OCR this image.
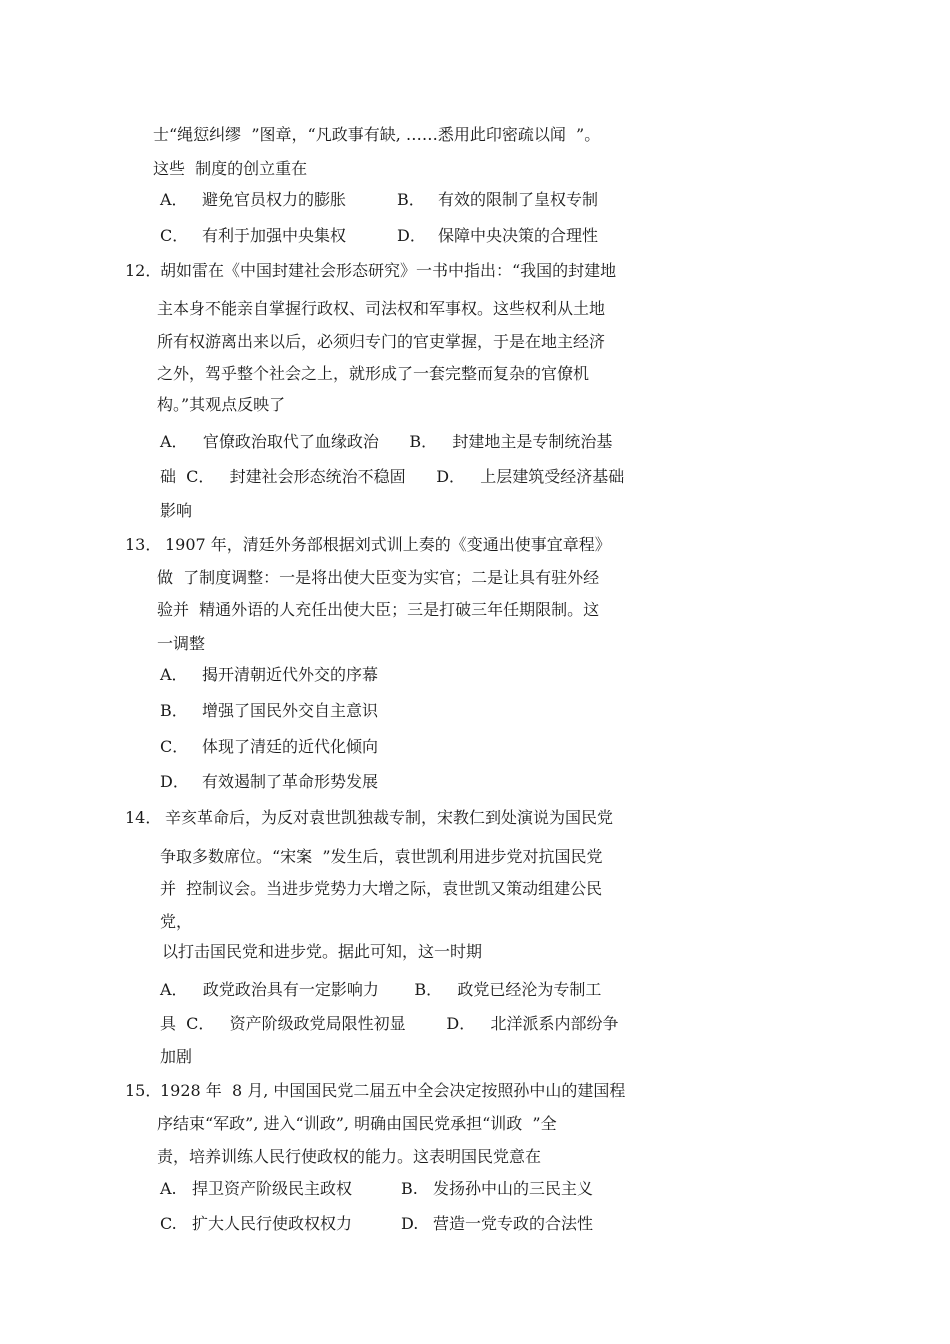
士“绳愆纠缪  ”图章，“凡政事有缺, ……悉用此印密疏以闻  ”。
这些  制度的创立重在
A． 避免官员权力的膨胀	B． 有效的限制了皇权专制
C． 有利于加强中央集权	D． 保障中央决策的合理性
12．
胡如雷在《中国封建社会形态研究》一书中指出：“我国的封建地
主本身不能亲自掌握行政权、司法权和军事权。这些权利从土地
所有权游离出来以后，必须归专门的官吏掌握，于是在地主经济
之外，驾乎整个社会之上，就形成了一套完整而复杂的官僚机
构。”其观点反映了
A．   官僚政治取代了血缘政治      B．   封建地主是专制统治基
础  C．   封建社会形态统治不稳固      D．   上层建筑受经济基础
影响
13． 1907 年，清廷外务部根据刘式训上奏的《变通出使事宜章程》
做  了制度调整：一是将出使大臣变为实官；二是让具有驻外经
验并  精通外语的人充任出使大臣；三是打破三年任期限制。这
一调整
A． 揭开清朝近代外交的序幕
B． 增强了国民外交自主意识
C． 体现了清廷的近代化倾向
D． 有效遏制了革命形势发展
14． 辛亥革命后，为反对袁世凯独裁专制，宋教仁到处演说为国民党
争取多数席位。“宋案  ”发生后，袁世凯利用进步党对抗国民党
并  控制议会。当进步党势力大增之际，袁世凯又策动组建公民
党，
以打击国民党和进步党。据此可知，这一时期
A．   政党政治具有一定影响力       B．   政党已经沦为专制工
具  C．   资产阶级政党局限性初显        D．   北洋派系内部纷争
加剧
15．
1928 年  8 月, 中国国民党二届五中全会决定按照孙中山的建国程
序结束“军政”, 进入“训政”, 明确由国民党承担“训政  ”全
责，培养训练人民行使政权的能力。这表明国民党意在
A. 捍卫资产阶级民主政权	B. 发扬孙中山的三民主义
C. 扩大人民行使政权权力	D. 营造一党专政的合法性
